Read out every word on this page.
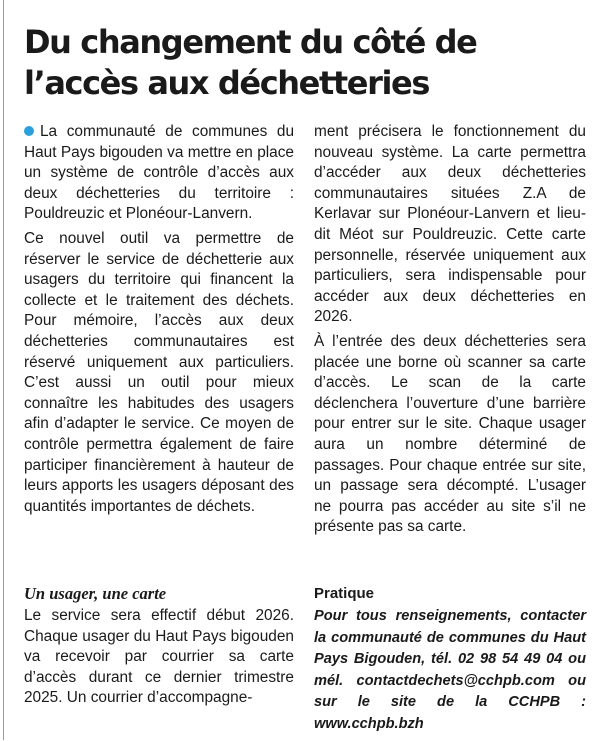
Du changement du côté de l’accès aux déchetteries

La communauté de communes du Haut Pays bigouden va mettre en place un système de contrôle d’accès aux deux déchetteries du territoire : Pouldreuzic et Plonéour-Lanvern.

Ce nouvel outil va permettre de réserver le service de déchetterie aux usagers du territoire qui financent la collecte et le traitement des déchets. Pour mémoire, l’accès aux deux déchetteries communautaires est réservé uniquement aux particuliers. C’est aussi un outil pour mieux connaître les habitudes des usagers afin d’adapter le service. Ce moyen de contrôle permettra également de faire participer financièrement à hauteur de leurs apports les usagers déposant des quantités importantes de déchets.

ment précisera le fonctionnement du nouveau système. La carte permettra d’accéder aux deux déchetteries communautaires situées Z.A de Kerlavar sur Plonéour-Lanvern et lieu-dit Méot sur Pouldreuzic. Cette carte personnelle, réservée uniquement aux particuliers, sera indispensable pour accéder aux deux déchetteries en 2026.

À l’entrée des deux déchetteries sera placée une borne où scanner sa carte d’accès. Le scan de la carte déclenchera l’ouverture d’une barrière pour entrer sur le site. Chaque usager aura un nombre déterminé de passages. Pour chaque entrée sur site, un passage sera décompté. L’usager ne pourra pas accéder au site s’il ne présente pas sa carte.

Un usager, une carte	Pratique

Le service sera effectif début 2026. Chaque usager du Haut Pays bigouden va recevoir par courrier sa carte d’accès durant ce dernier trimestre 2025. Un courrier d’accompagne-

Pour tous renseignements, contacter la communauté de communes du Haut Pays Bigouden, tél. 02 98 54 49 04 ou mél. contactdechets@cchpb.com ou sur le site de la CCHPB : www.cchpb.bzh
